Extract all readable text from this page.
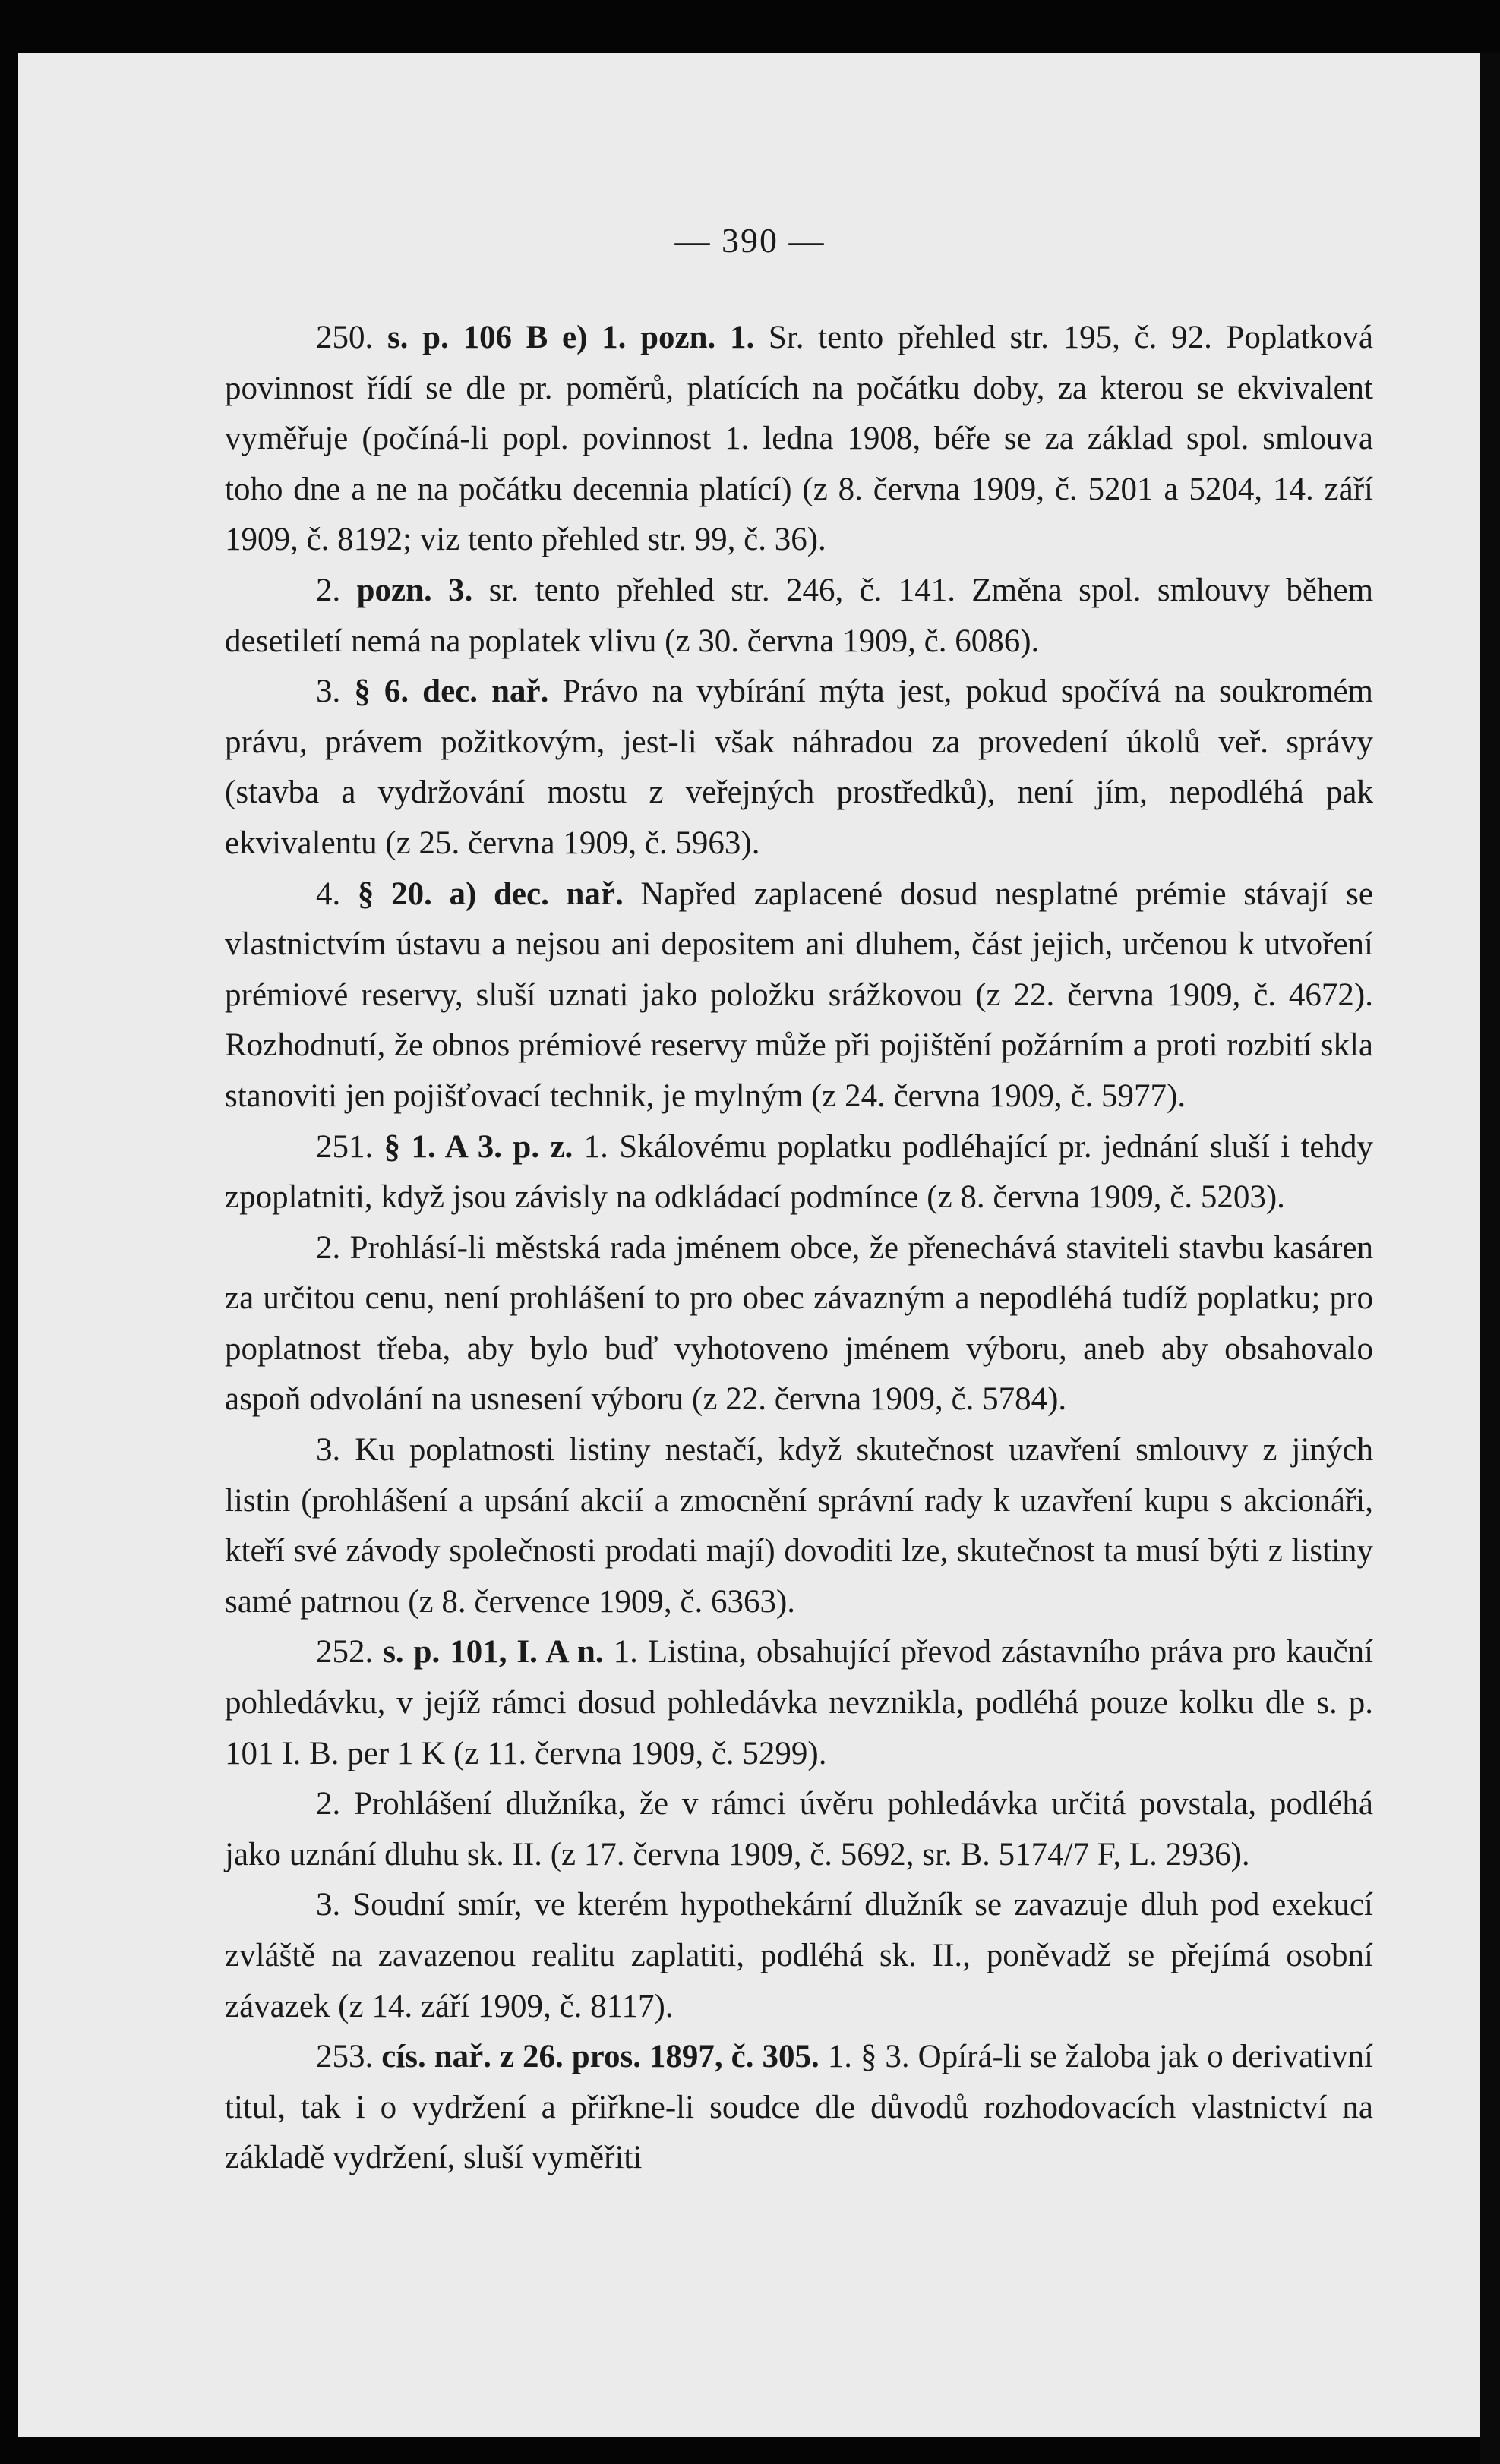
— 390 —

250. s. p. 106 B e) 1. pozn. 1. Sr. tento přehled str. 195, č. 92. Poplatková povinnost řídí se dle pr. poměrů, platících na počátku doby, za kterou se ekvivalent vyměřuje (počíná-li popl. povinnost 1. ledna 1908, béře se za základ spol. smlouva toho dne a ne na počátku decennia platící) (z 8. června 1909, č. 5201 a 5204, 14. září 1909, č. 8192; viz tento přehled str. 99, č. 36).

2. pozn. 3. sr. tento přehled str. 246, č. 141. Změna spol. smlouvy během desetiletí nemá na poplatek vlivu (z 30. června 1909, č. 6086).

3. § 6. dec. nař. Právo na vybírání mýta jest, pokud spočívá na soukromém právu, právem požitkovým, jest-li však náhradou za provedení úkolů veř. správy (stavba a vydržování mostu z veřejných prostředků), není jím, nepodléhá pak ekvivalentu (z 25. června 1909, č. 5963).

4. § 20. a) dec. nař. Napřed zaplacené dosud nesplatné prémie stávají se vlastnictvím ústavu a nejsou ani depositem ani dluhem, část jejich, určenou k utvoření prémiové reservy, sluší uznati jako položku srážkovou (z 22. června 1909, č. 4672). Rozhodnutí, že obnos prémiové reservy může při pojištění požárním a proti rozbití skla stanoviti jen pojišťovací technik, je mylným (z 24. června 1909, č. 5977).

251. § 1. A 3. p. z. 1. Skálovému poplatku podléhající pr. jednání sluší i tehdy zpoplatniti, když jsou závisly na odkládací podmínce (z 8. června 1909, č. 5203).

2. Prohlásí-li městská rada jménem obce, že přenechává staviteli stavbu kasáren za určitou cenu, není prohlášení to pro obec závazným a nepodléhá tudíž poplatku; pro poplatnost třeba, aby bylo buď vyhotoveno jménem výboru, aneb aby obsahovalo aspoň odvolání na usnesení výboru (z 22. června 1909, č. 5784).

3. Ku poplatnosti listiny nestačí, když skutečnost uzavření smlouvy z jiných listin (prohlášení a upsání akcií a zmocnění správní rady k uzavření kupu s akcionáři, kteří své závody společnosti prodati mají) dovoditi lze, skutečnost ta musí býti z listiny samé patrnou (z 8. července 1909, č. 6363).

252. s. p. 101, I. A n. 1. Listina, obsahující převod zástavního práva pro kauční pohledávku, v jejíž rámci dosud pohledávka nevznikla, podléhá pouze kolku dle s. p. 101 I. B. per 1 K (z 11. června 1909, č. 5299).

2. Prohlášení dlužníka, že v rámci úvěru pohledávka určitá povstala, podléhá jako uznání dluhu sk. II. (z 17. června 1909, č. 5692, sr. B. 5174/7 F, L. 2936).

3. Soudní smír, ve kterém hypothekární dlužník se zavazuje dluh pod exekucí zvláště na zavazenou realitu zaplatiti, podléhá sk. II., poněvadž se přejímá osobní závazek (z 14. září 1909, č. 8117).

253. cís. nař. z 26. pros. 1897, č. 305. 1. § 3. Opírá-li se žaloba jak o derivativní titul, tak i o vydržení a přiřkne-li soudce dle důvodů rozhodovacích vlastnictví na základě vydržení, sluší vyměřiti
